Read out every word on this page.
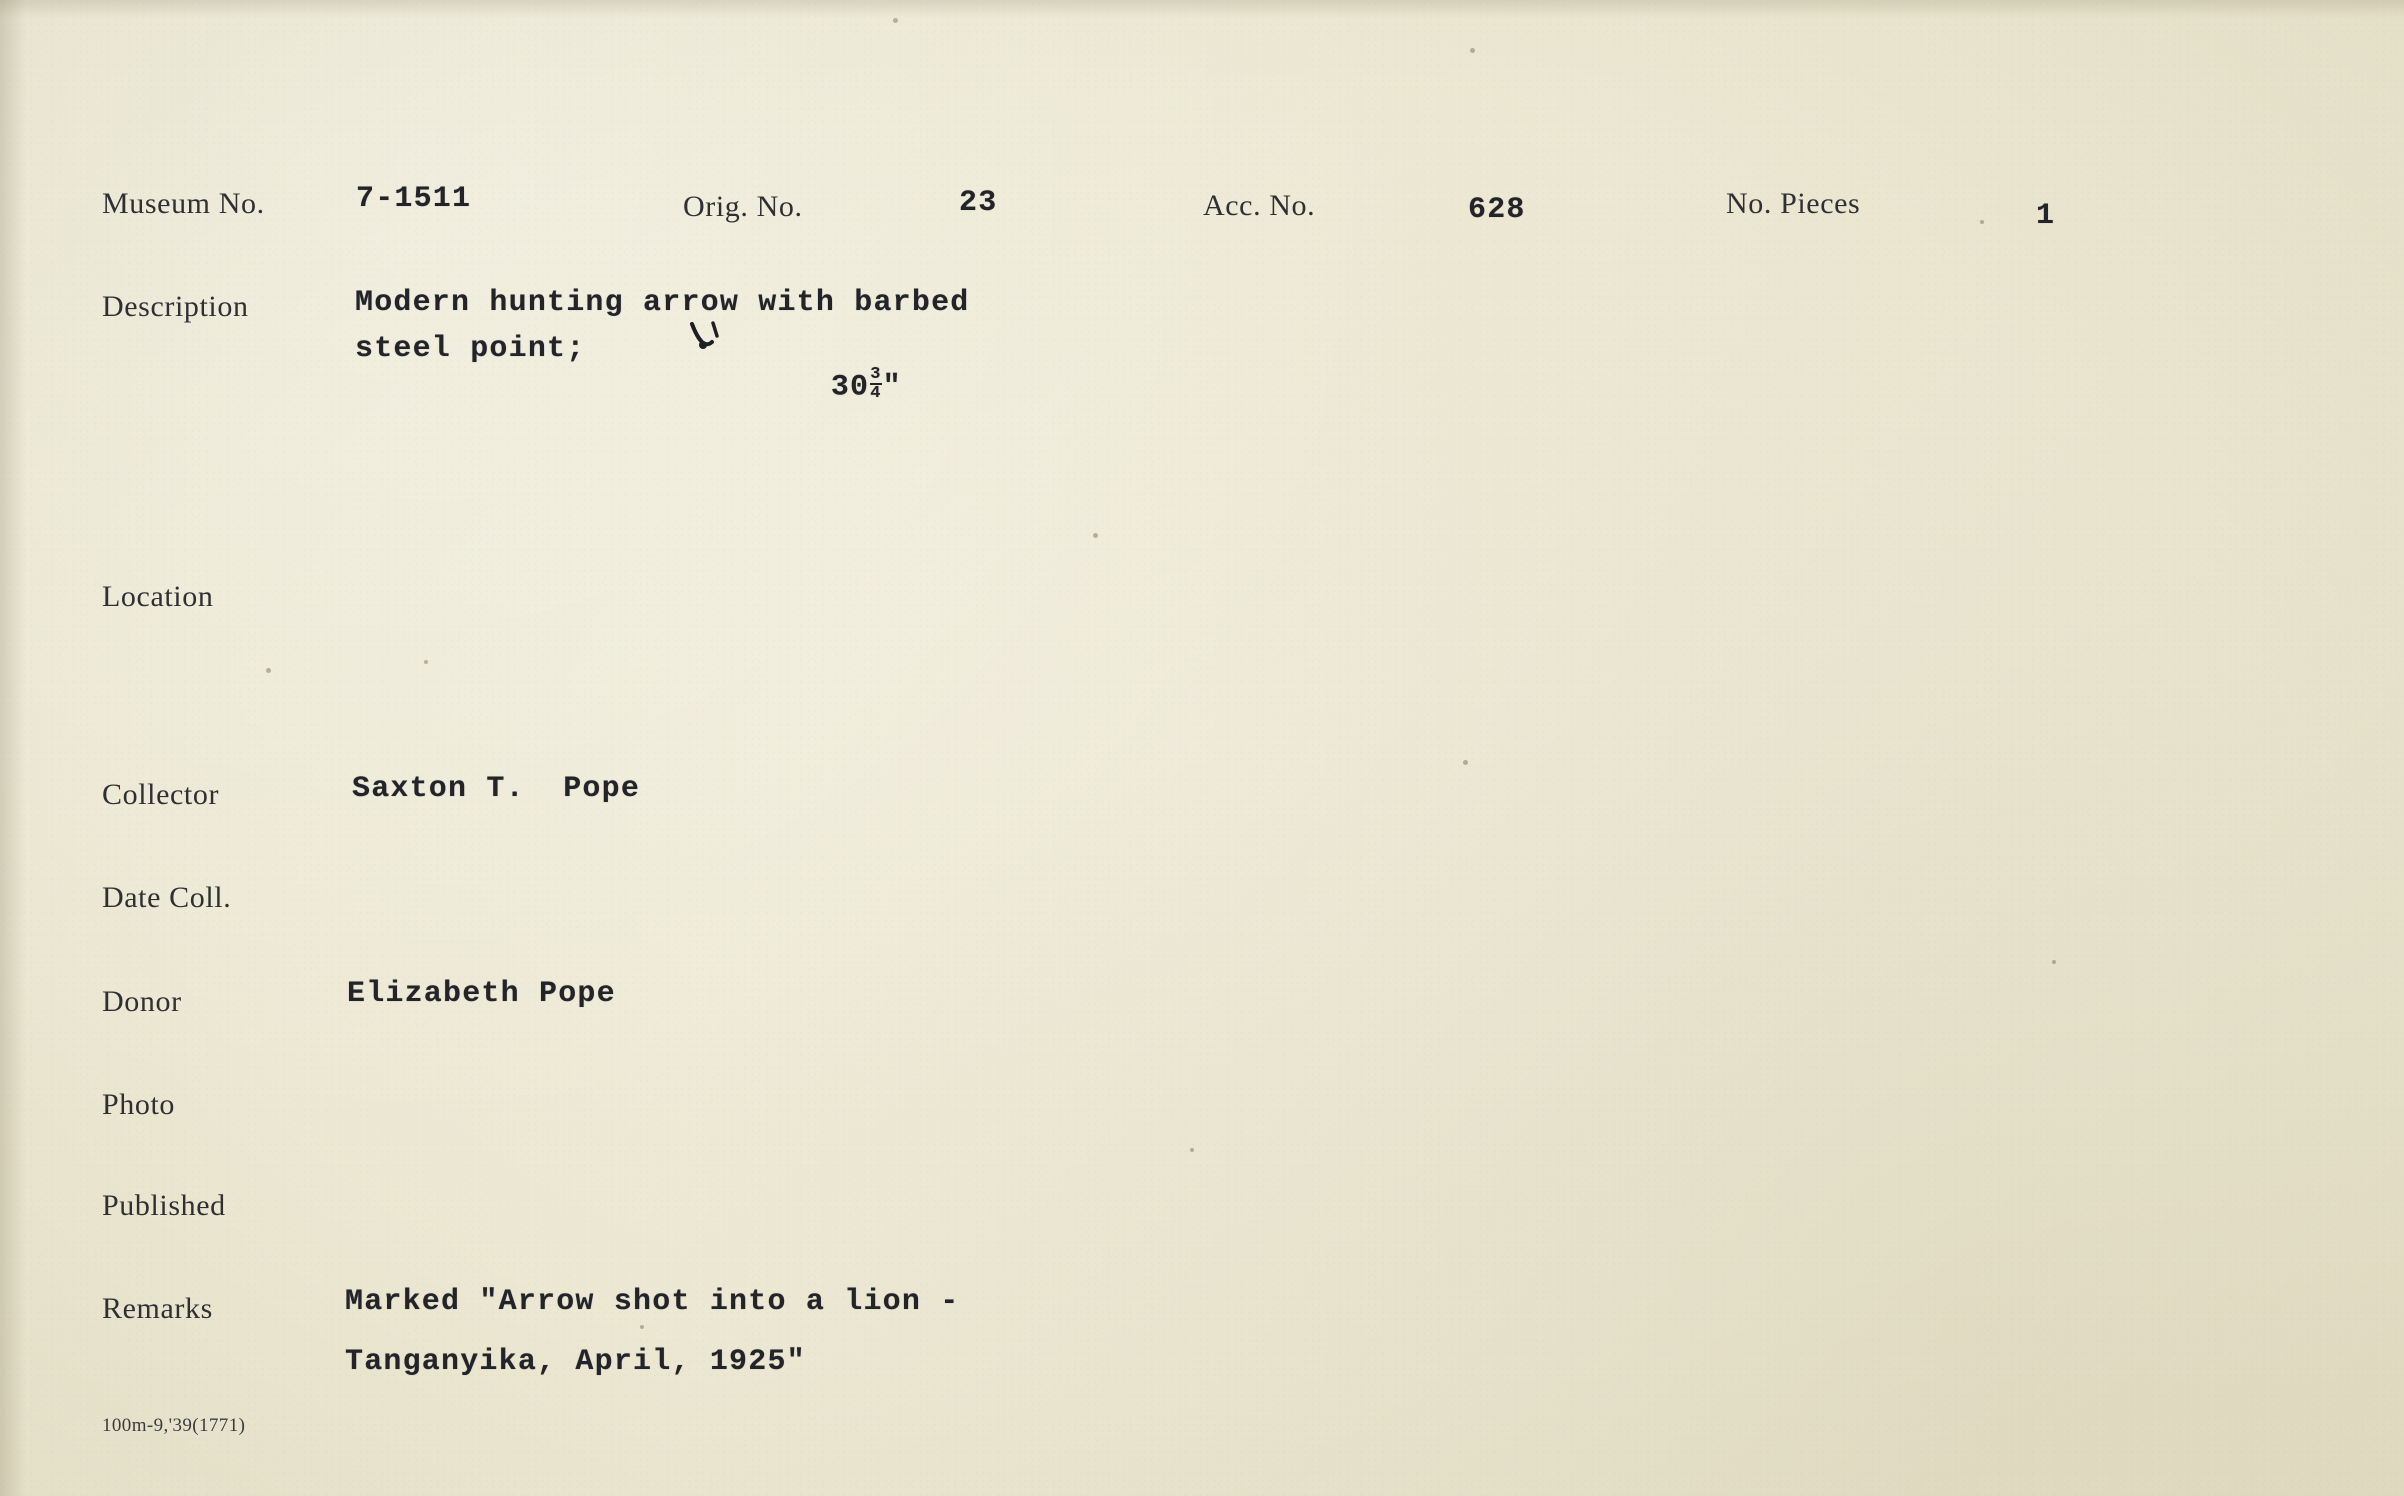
Museum No.	7-1511	Orig. No.	23	Acc. No.	628	No. Pieces	1
Description	Modern hunting arrow with barbed
steel point;

$30 \frac{3}{4}$ "

Location
Collector	Saxton T.  Pope
Date Coll.
Donor	Elizabeth Pope
Photo
Published
Remarks	Marked "Arrow shot into a lion -
Tanganyika, April, 1925"
100m-9,'39(1771)
